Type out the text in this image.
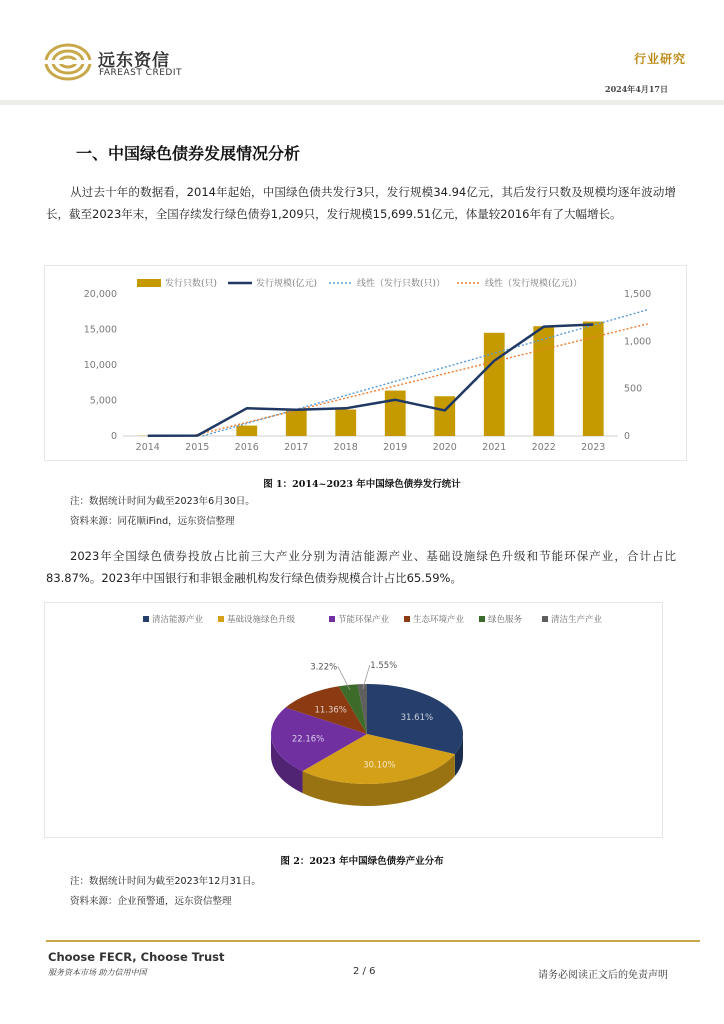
远东资信
FAREAST CREDIT
行业研究
2024年4月17日
一、中国绿色债券发展情况分析
从过去十年的数据看，2014年起始，中国绿色债共发行3只，发行规模34.94亿元，其后发行只数及规模均逐年波动增长，截至2023年末，全国存续发行绿色债券1,209只，发行规模15,699.51亿元，体量较2016年有了大幅增长。
0
5,000
10,000
15,000
20,000
0
500
1,000
1,500
2014	2015	2016	2017	2018	2019	2020	2021	2022	2023
发行只数(只)	发行规模(亿元)	线性（发行只数(只)）	线性（发行规模(亿元)）
图 1：2014~2023 年中国绿色债券发行统计
注：数据统计时间为截至2023年6月30日。
资料来源：同花顺iFind，远东资信整理
2023年全国绿色债券投放占比前三大产业分别为清洁能源产业、基础设施绿色升级和节能环保产业，合计占比83.87%。2023年中国银行和非银金融机构发行绿色债券规模合计占比65.59%。
31.61%
30.10%
22.16%
11.36%
3.22%	1.55%
清洁能源产业	基础设施绿色升级	节能环保产业	生态环境产业	绿色服务	清洁生产产业
图 2：2023 年中国绿色债券产业分布
注：数据统计时间为截至2023年12月31日。
资料来源：企业预警通，远东资信整理
Choose FECR, Choose Trust
服务资本市场 助力信用中国	2 / 6	请务必阅读正文后的免责声明
